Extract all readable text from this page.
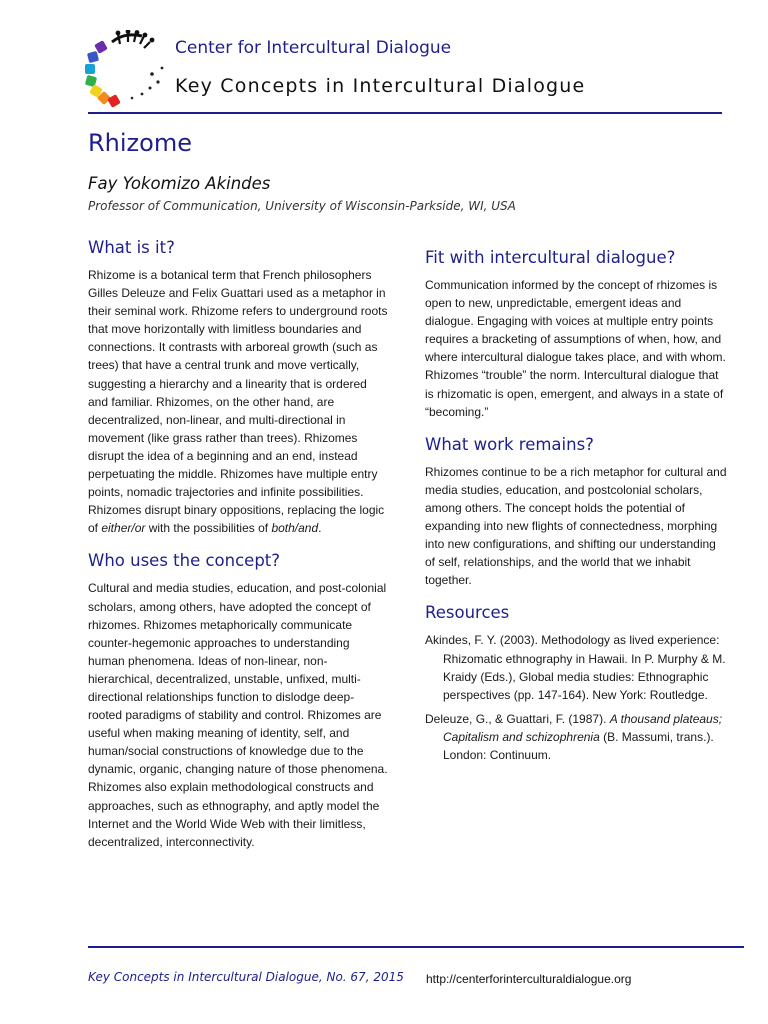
Center for Intercultural Dialogue
Key Concepts in Intercultural Dialogue
Rhizome
Fay Yokomizo Akindes
Professor of Communication, University of Wisconsin-Parkside, WI, USA
What is it?

Rhizome is a botanical term that French philosophers Gilles Deleuze and Felix Guattari used as a metaphor in their seminal work. Rhizome refers to underground roots that move horizontally with limitless boundaries and connections. It contrasts with arboreal growth (such as trees) that have a central trunk and move vertically, suggesting a hierarchy and a linearity that is ordered and familiar. Rhizomes, on the other hand, are decentralized, non-linear, and multi-directional in movement (like grass rather than trees). Rhizomes disrupt the idea of a beginning and an end, instead perpetuating the middle. Rhizomes have multiple entry points, nomadic trajectories and infinite possibilities. Rhizomes disrupt binary oppositions, replacing the logic of either/or with the possibilities of both/and.

Who uses the concept?

Cultural and media studies, education, and post-colonial scholars, among others, have adopted the concept of rhizomes. Rhizomes metaphorically communicate counter-hegemonic approaches to understanding human phenomena. Ideas of non-linear, non-hierarchical, decentralized, unstable, unfixed, multi-directional relationships function to dislodge deep-rooted paradigms of stability and control. Rhizomes are useful when making meaning of identity, self, and human/social constructions of knowledge due to the dynamic, organic, changing nature of those phenomena. Rhizomes also explain methodological constructs and approaches, such as ethnography, and aptly model the Internet and the World Wide Web with their limitless, decentralized, interconnectivity.

Fit with intercultural dialogue?

Communication informed by the concept of rhizomes is open to new, unpredictable, emergent ideas and dialogue. Engaging with voices at multiple entry points requires a bracketing of assumptions of when, how, and where intercultural dialogue takes place, and with whom. Rhizomes “trouble” the norm. Intercultural dialogue that is rhizomatic is open, emergent, and always in a state of “becoming.”

What work remains?

Rhizomes continue to be a rich metaphor for cultural and media studies, education, and postcolonial scholars, among others. The concept holds the potential of expanding into new flights of connectedness, morphing into new configurations, and shifting our understanding of self, relationships, and the world that we inhabit together.

Resources

Akindes, F. Y. (2003). Methodology as lived experience: Rhizomatic ethnography in Hawaii. In P. Murphy & M. Kraidy (Eds.), Global media studies: Ethnographic perspectives (pp. 147-164). New York: Routledge.

Deleuze, G., & Guattari, F. (1987). A thousand plateaus; Capitalism and schizophrenia (B. Massumi, trans.). London: Continuum.

Key Concepts in Intercultural Dialogue, No. 67, 2015 http://centerforinterculturaldialogue.org
